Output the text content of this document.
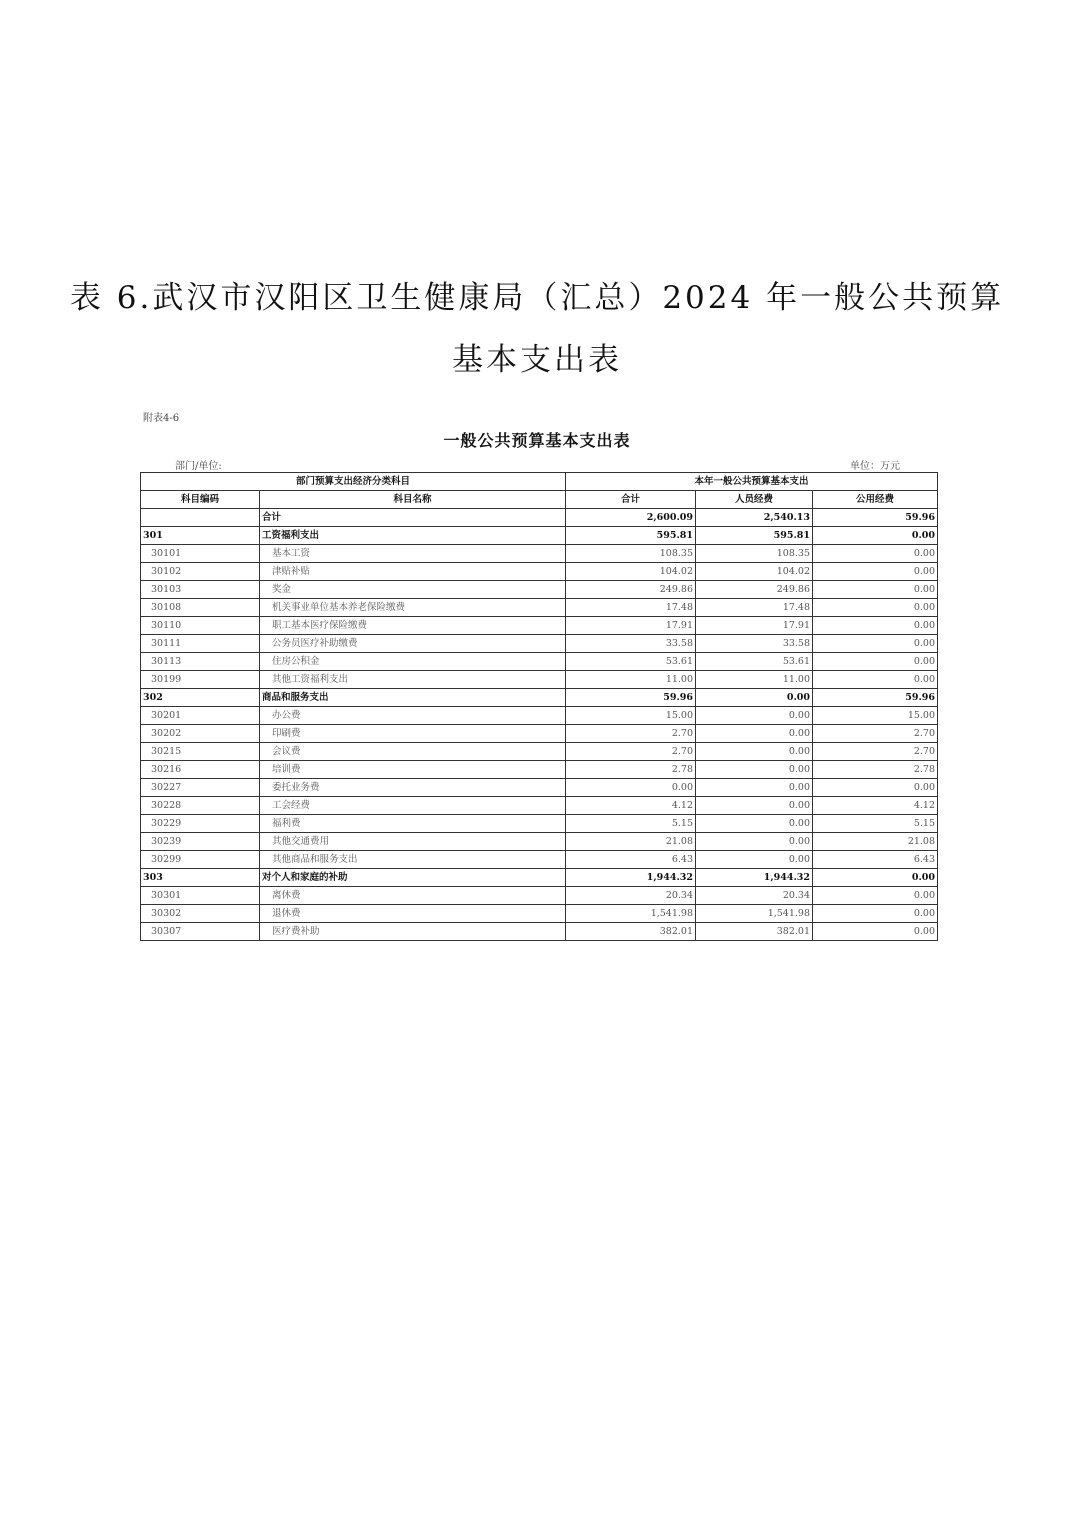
表 6.武汉市汉阳区卫生健康局（汇总）2024 年一般公共预算
基本支出表
附表4-6
一般公共预算基本支出表
部门/单位:	单位：万元
部门预算支出经济分类科目		本年一般公共预算基本支出		
科目编码	科目名称	合计	人员经费	公用经费
	合计	2,600.09	2,540.13	59.96
301	工资福利支出	595.81	595.81	0.00
30101	基本工资	108.35	108.35	0.00
30102	津贴补贴	104.02	104.02	0.00
30103	奖金	249.86	249.86	0.00
30108	机关事业单位基本养老保险缴费	17.48	17.48	0.00
30110	职工基本医疗保险缴费	17.91	17.91	0.00
30111	公务员医疗补助缴费	33.58	33.58	0.00
30113	住房公积金	53.61	53.61	0.00
30199	其他工资福利支出	11.00	11.00	0.00
302	商品和服务支出	59.96	0.00	59.96
30201	办公费	15.00	0.00	15.00
30202	印刷费	2.70	0.00	2.70
30215	会议费	2.70	0.00	2.70
30216	培训费	2.78	0.00	2.78
30227	委托业务费	0.00	0.00	0.00
30228	工会经费	4.12	0.00	4.12
30229	福利费	5.15	0.00	5.15
30239	其他交通费用	21.08	0.00	21.08
30299	其他商品和服务支出	6.43	0.00	6.43
303	对个人和家庭的补助	1,944.32	1,944.32	0.00
30301	离休费	20.34	20.34	0.00
30302	退休费	1,541.98	1,541.98	0.00
30307	医疗费补助	382.01	382.01	0.00
